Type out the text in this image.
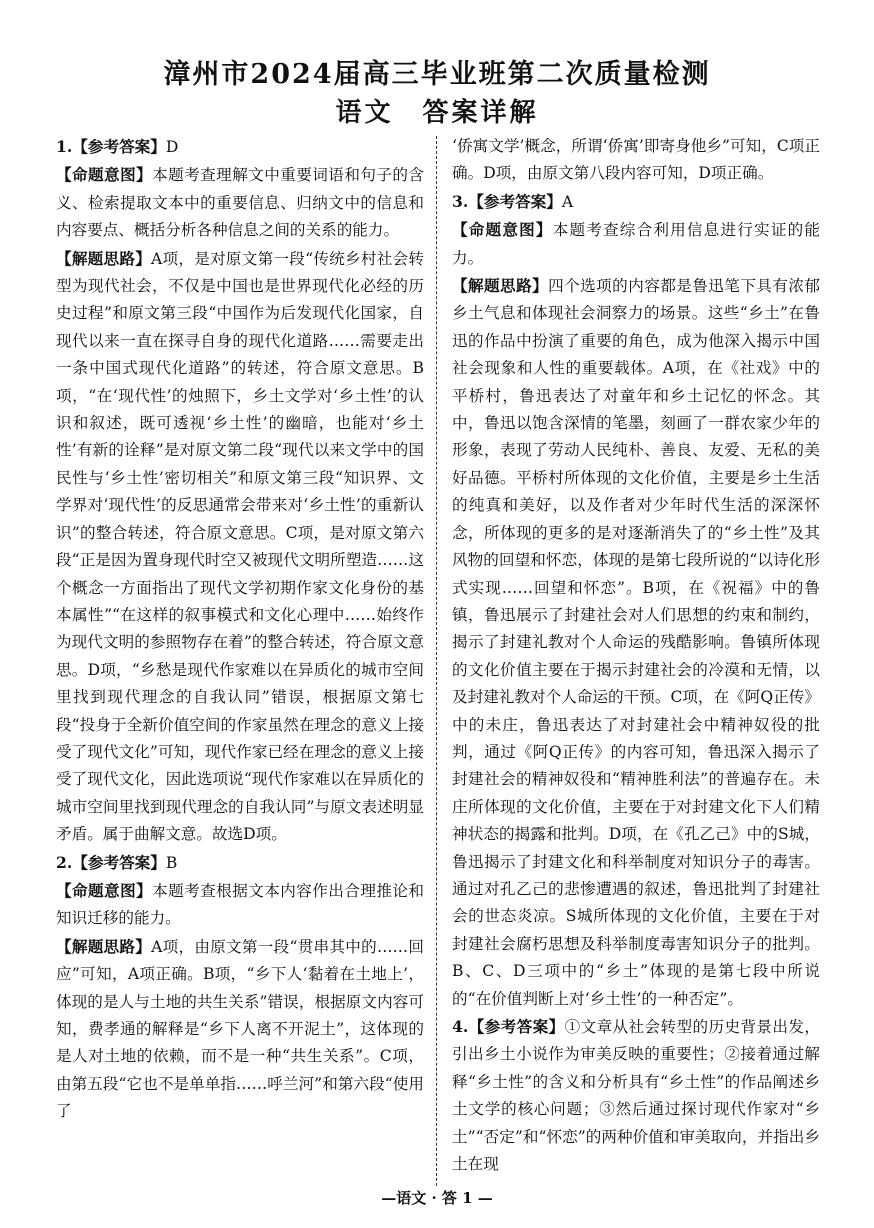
漳州市2024届高三毕业班第二次质量检测
语文　答案详解

1.【参考答案】D

【命题意图】本题考查理解文中重要词语和句子的含义、检索提取文本中的重要信息、归纳文中的信息和内容要点、概括分析各种信息之间的关系的能力。

【解题思路】A项，是对原文第一段“传统乡村社会转型为现代社会，不仅是中国也是世界现代化必经的历史过程”和原文第三段“中国作为后发现代化国家，自现代以来一直在探寻自身的现代化道路……需要走出一条中国式现代化道路”的转述，符合原文意思。B项，“在‘现代性’的烛照下，乡土文学对‘乡土性’的认识和叙述，既可透视‘乡土性’的幽暗，也能对‘乡土性’有新的诠释”是对原文第二段“现代以来文学中的国民性与‘乡土性’密切相关”和原文第三段“知识界、文学界对‘现代性’的反思通常会带来对‘乡土性’的重新认识”的整合转述，符合原文意思。C项，是对原文第六段“正是因为置身现代时空又被现代文明所塑造……这个概念一方面指出了现代文学初期作家文化身份的基本属性”“在这样的叙事模式和文化心理中……始终作为现代文明的参照物存在着”的整合转述，符合原文意思。D项，“乡愁是现代作家难以在异质化的城市空间里找到现代理念的自我认同”错误，根据原文第七段“投身于全新价值空间的作家虽然在理念的意义上接受了现代文化”可知，现代作家已经在理念的意义上接受了现代文化，因此选项说“现代作家难以在异质化的城市空间里找到现代理念的自我认同”与原文表述明显矛盾。属于曲解文意。故选D项。

2.【参考答案】B

【命题意图】本题考查根据文本内容作出合理推论和知识迁移的能力。

【解题思路】A项，由原文第一段“贯串其中的……回应”可知，A项正确。B项，“乡下人‘黏着在土地上’，体现的是人与土地的共生关系”错误，根据原文内容可知，费孝通的解释是“乡下人离不开泥土”，这体现的是人对土地的依赖，而不是一种“共生关系”。C项，由第五段“它也不是单单指……呼兰河”和第六段“使用了

‘侨寓文学’概念，所谓‘侨寓’即寄身他乡”可知，C项正确。D项，由原文第八段内容可知，D项正确。

3.【参考答案】A

【命题意图】本题考查综合利用信息进行实证的能力。

【解题思路】四个选项的内容都是鲁迅笔下具有浓郁乡土气息和体现社会洞察力的场景。这些“乡土”在鲁迅的作品中扮演了重要的角色，成为他深入揭示中国社会现象和人性的重要载体。A项，在《社戏》中的平桥村，鲁迅表达了对童年和乡土记忆的怀念。其中，鲁迅以饱含深情的笔墨，刻画了一群农家少年的形象，表现了劳动人民纯朴、善良、友爱、无私的美好品德。平桥村所体现的文化价值，主要是乡土生活的纯真和美好，以及作者对少年时代生活的深深怀念，所体现的更多的是对逐渐消失了的“乡土性”及其风物的回望和怀恋，体现的是第七段所说的“以诗化形式实现……回望和怀恋”。B项，在《祝福》中的鲁镇，鲁迅展示了封建社会对人们思想的约束和制约，揭示了封建礼教对个人命运的残酷影响。鲁镇所体现的文化价值主要在于揭示封建社会的冷漠和无情，以及封建礼教对个人命运的干预。C项，在《阿Q正传》中的未庄，鲁迅表达了对封建社会中精神奴役的批判，通过《阿Q正传》的内容可知，鲁迅深入揭示了封建社会的精神奴役和“精神胜利法”的普遍存在。未庄所体现的文化价值，主要在于对封建文化下人们精神状态的揭露和批判。D项，在《孔乙己》中的S城，鲁迅揭示了封建文化和科举制度对知识分子的毒害。通过对孔乙己的悲惨遭遇的叙述，鲁迅批判了封建社会的世态炎凉。S城所体现的文化价值，主要在于对封建社会腐朽思想及科举制度毒害知识分子的批判。B、C、D三项中的“乡土”体现的是第七段中所说的“在价值判断上对‘乡土性’的一种否定”。

4.【参考答案】①文章从社会转型的历史背景出发，引出乡土小说作为审美反映的重要性；②接着通过解释“乡土性”的含义和分析具有“乡土性”的作品阐述乡土文学的核心问题；③然后通过探讨现代作家对“乡土”“否定”和“怀恋”的两种价值和审美取向，并指出乡土在现

—语文 · 答 1 —
